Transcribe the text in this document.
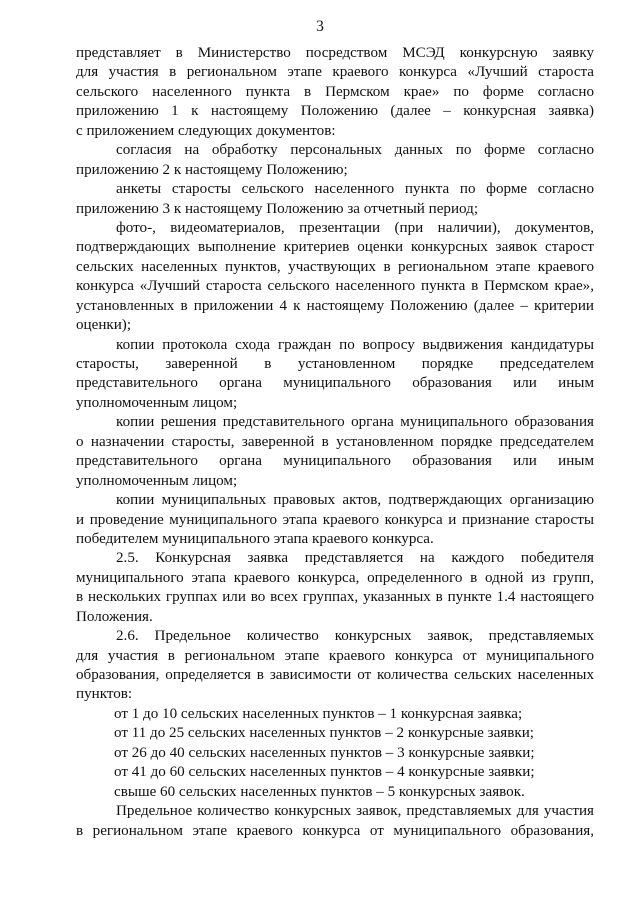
3
представляет в Министерство посредством МСЭД конкурсную заявку
для участия в региональном этапе краевого конкурса «Лучший староста
сельского населенного пункта в Пермском крае» по форме согласно
приложению 1 к настоящему Положению (далее – конкурсная заявка)
с приложением следующих документов:
согласия на обработку персональных данных по форме согласно
приложению 2 к настоящему Положению;
анкеты старосты сельского населенного пункта по форме согласно
приложению 3 к настоящему Положению за отчетный период;
фото-, видеоматериалов, презентации (при наличии), документов,
подтверждающих выполнение критериев оценки конкурсных заявок старост
сельских населенных пунктов, участвующих в региональном этапе краевого
конкурса «Лучший староста сельского населенного пункта в Пермском крае»,
установленных в приложении 4 к настоящему Положению (далее – критерии
оценки);
копии протокола схода граждан по вопросу выдвижения кандидатуры
старосты, заверенной в установленном порядке председателем
представительного органа муниципального образования или иным
уполномоченным лицом;
копии решения представительного органа муниципального образования
о назначении старосты, заверенной в установленном порядке председателем
представительного органа муниципального образования или иным
уполномоченным лицом;
копии муниципальных правовых актов, подтверждающих организацию
и проведение муниципального этапа краевого конкурса и признание старосты
победителем муниципального этапа краевого конкурса.
2.5. Конкурсная заявка представляется на каждого победителя
муниципального этапа краевого конкурса, определенного в одной из групп,
в нескольких группах или во всех группах, указанных в пункте 1.4 настоящего
Положения.
2.6. Предельное количество конкурсных заявок, представляемых
для участия в региональном этапе краевого конкурса от муниципального
образования, определяется в зависимости от количества сельских населенных
пунктов:
от 1 до 10 сельских населенных пунктов – 1 конкурсная заявка;
от 11 до 25 сельских населенных пунктов – 2 конкурсные заявки;
от 26 до 40 сельских населенных пунктов – 3 конкурсные заявки;
от 41 до 60 сельских населенных пунктов – 4 конкурсные заявки;
свыше 60 сельских населенных пунктов – 5 конкурсных заявок.
Предельное количество конкурсных заявок, представляемых для участия
в региональном этапе краевого конкурса от муниципального образования,
